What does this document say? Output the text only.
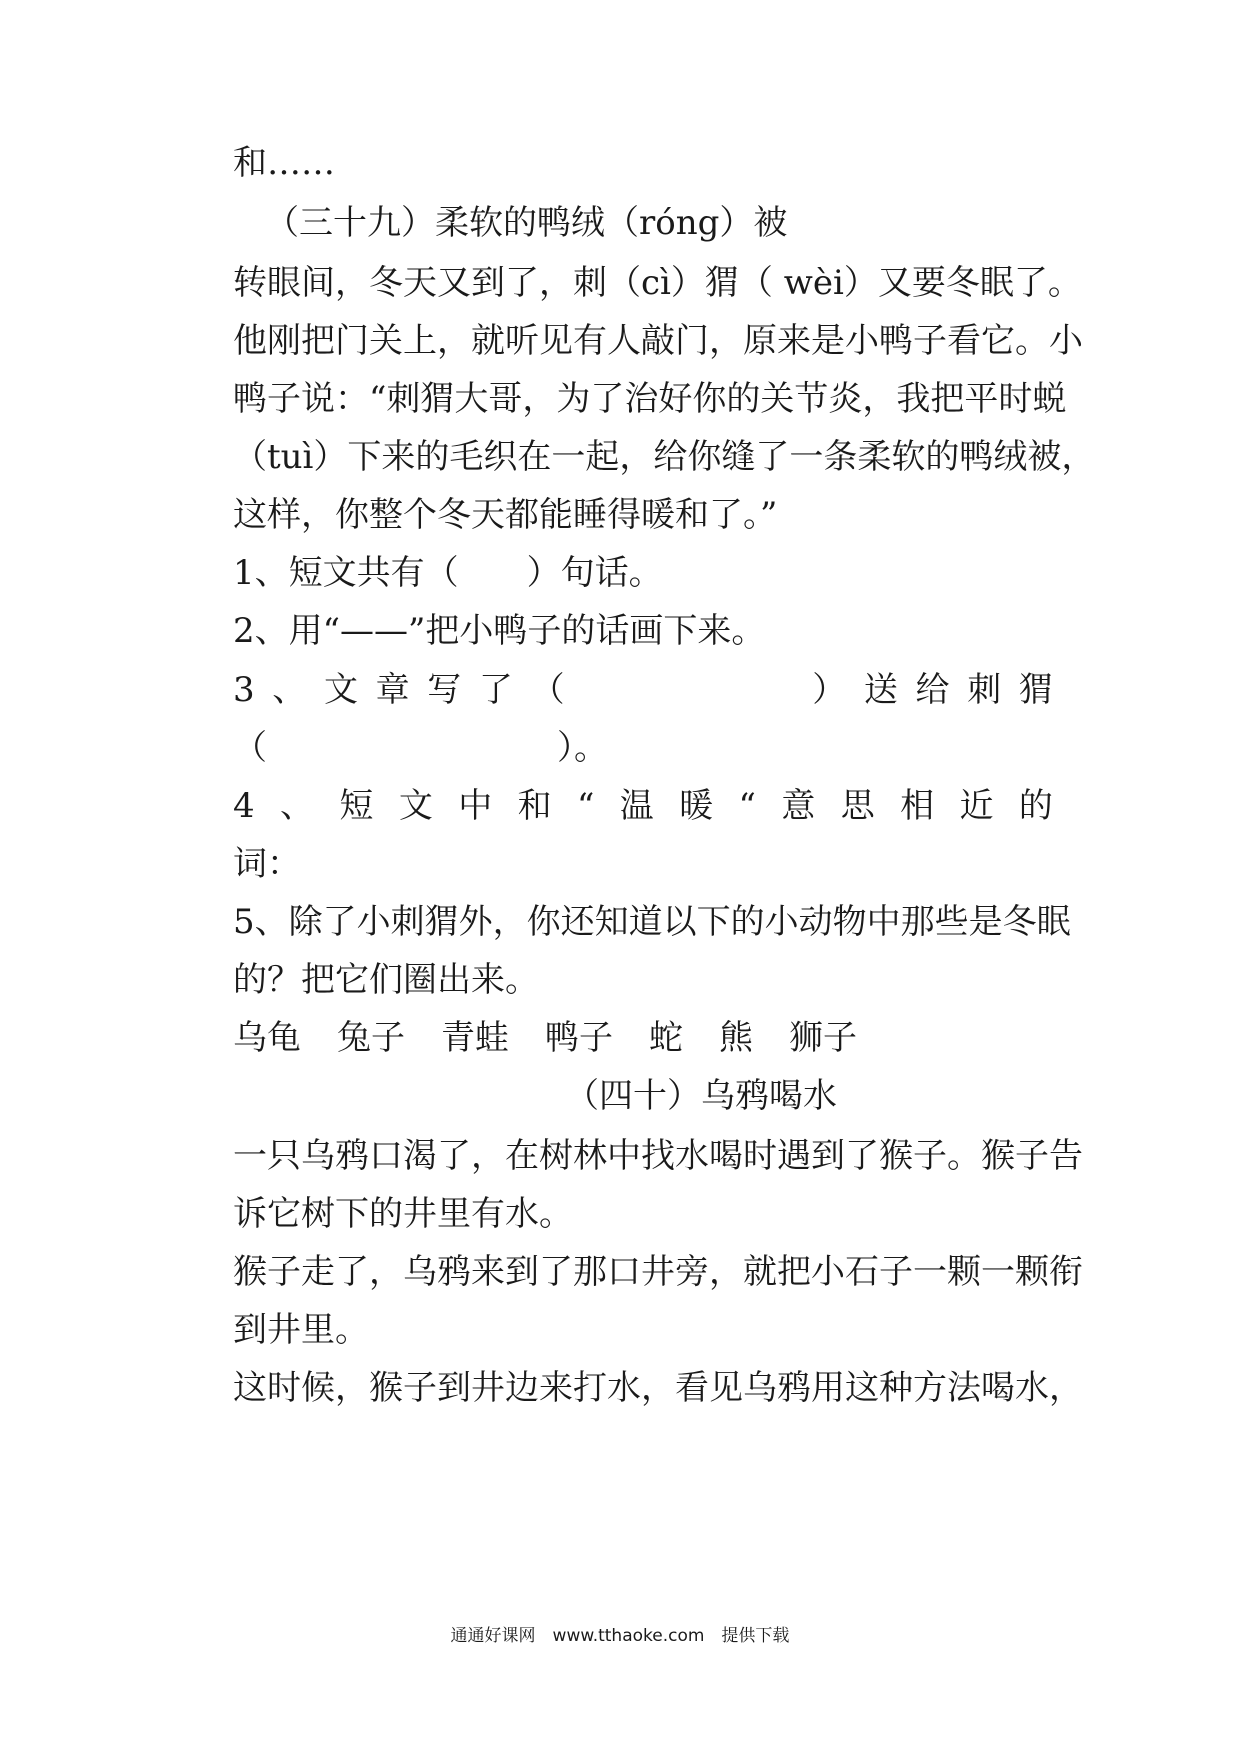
和……
（三十九）柔软的鸭绒（róng）被
转眼间，冬天又到了，刺（cì）猬（ wèi）又要冬眠了。
他刚把门关上，就听见有人敲门，原来是小鸭子看它。小
鸭子说：“刺猬大哥，为了治好你的关节炎，我把平时蜕
（tuì）下来的毛织在一起，给你缝了一条柔软的鸭绒被，
这样，你整个冬天都能睡得暖和了。”
1、短文共有（　　）句话。
2、用“——”把小鸭子的话画下来。
3 、 文 章 写 了 （	） 送 给 刺 猬
（	）。
4 、 短 文 中 和 “ 温 暖 “ 意 思 相 近 的
词：
5、除了小刺猬外，你还知道以下的小动物中那些是冬眠
的？把它们圈出来。
乌龟 兔子 青蛙 鸭子 蛇 熊 狮子
（四十）乌鸦喝水
一只乌鸦口渴了，在树林中找水喝时遇到了猴子。猴子告
诉它树下的井里有水。
猴子走了，乌鸦来到了那口井旁，就把小石子一颗一颗衔
到井里。
这时候，猴子到井边来打水，看见乌鸦用这种方法喝水，
通通好课网　www.tthaoke.com　提供下载
